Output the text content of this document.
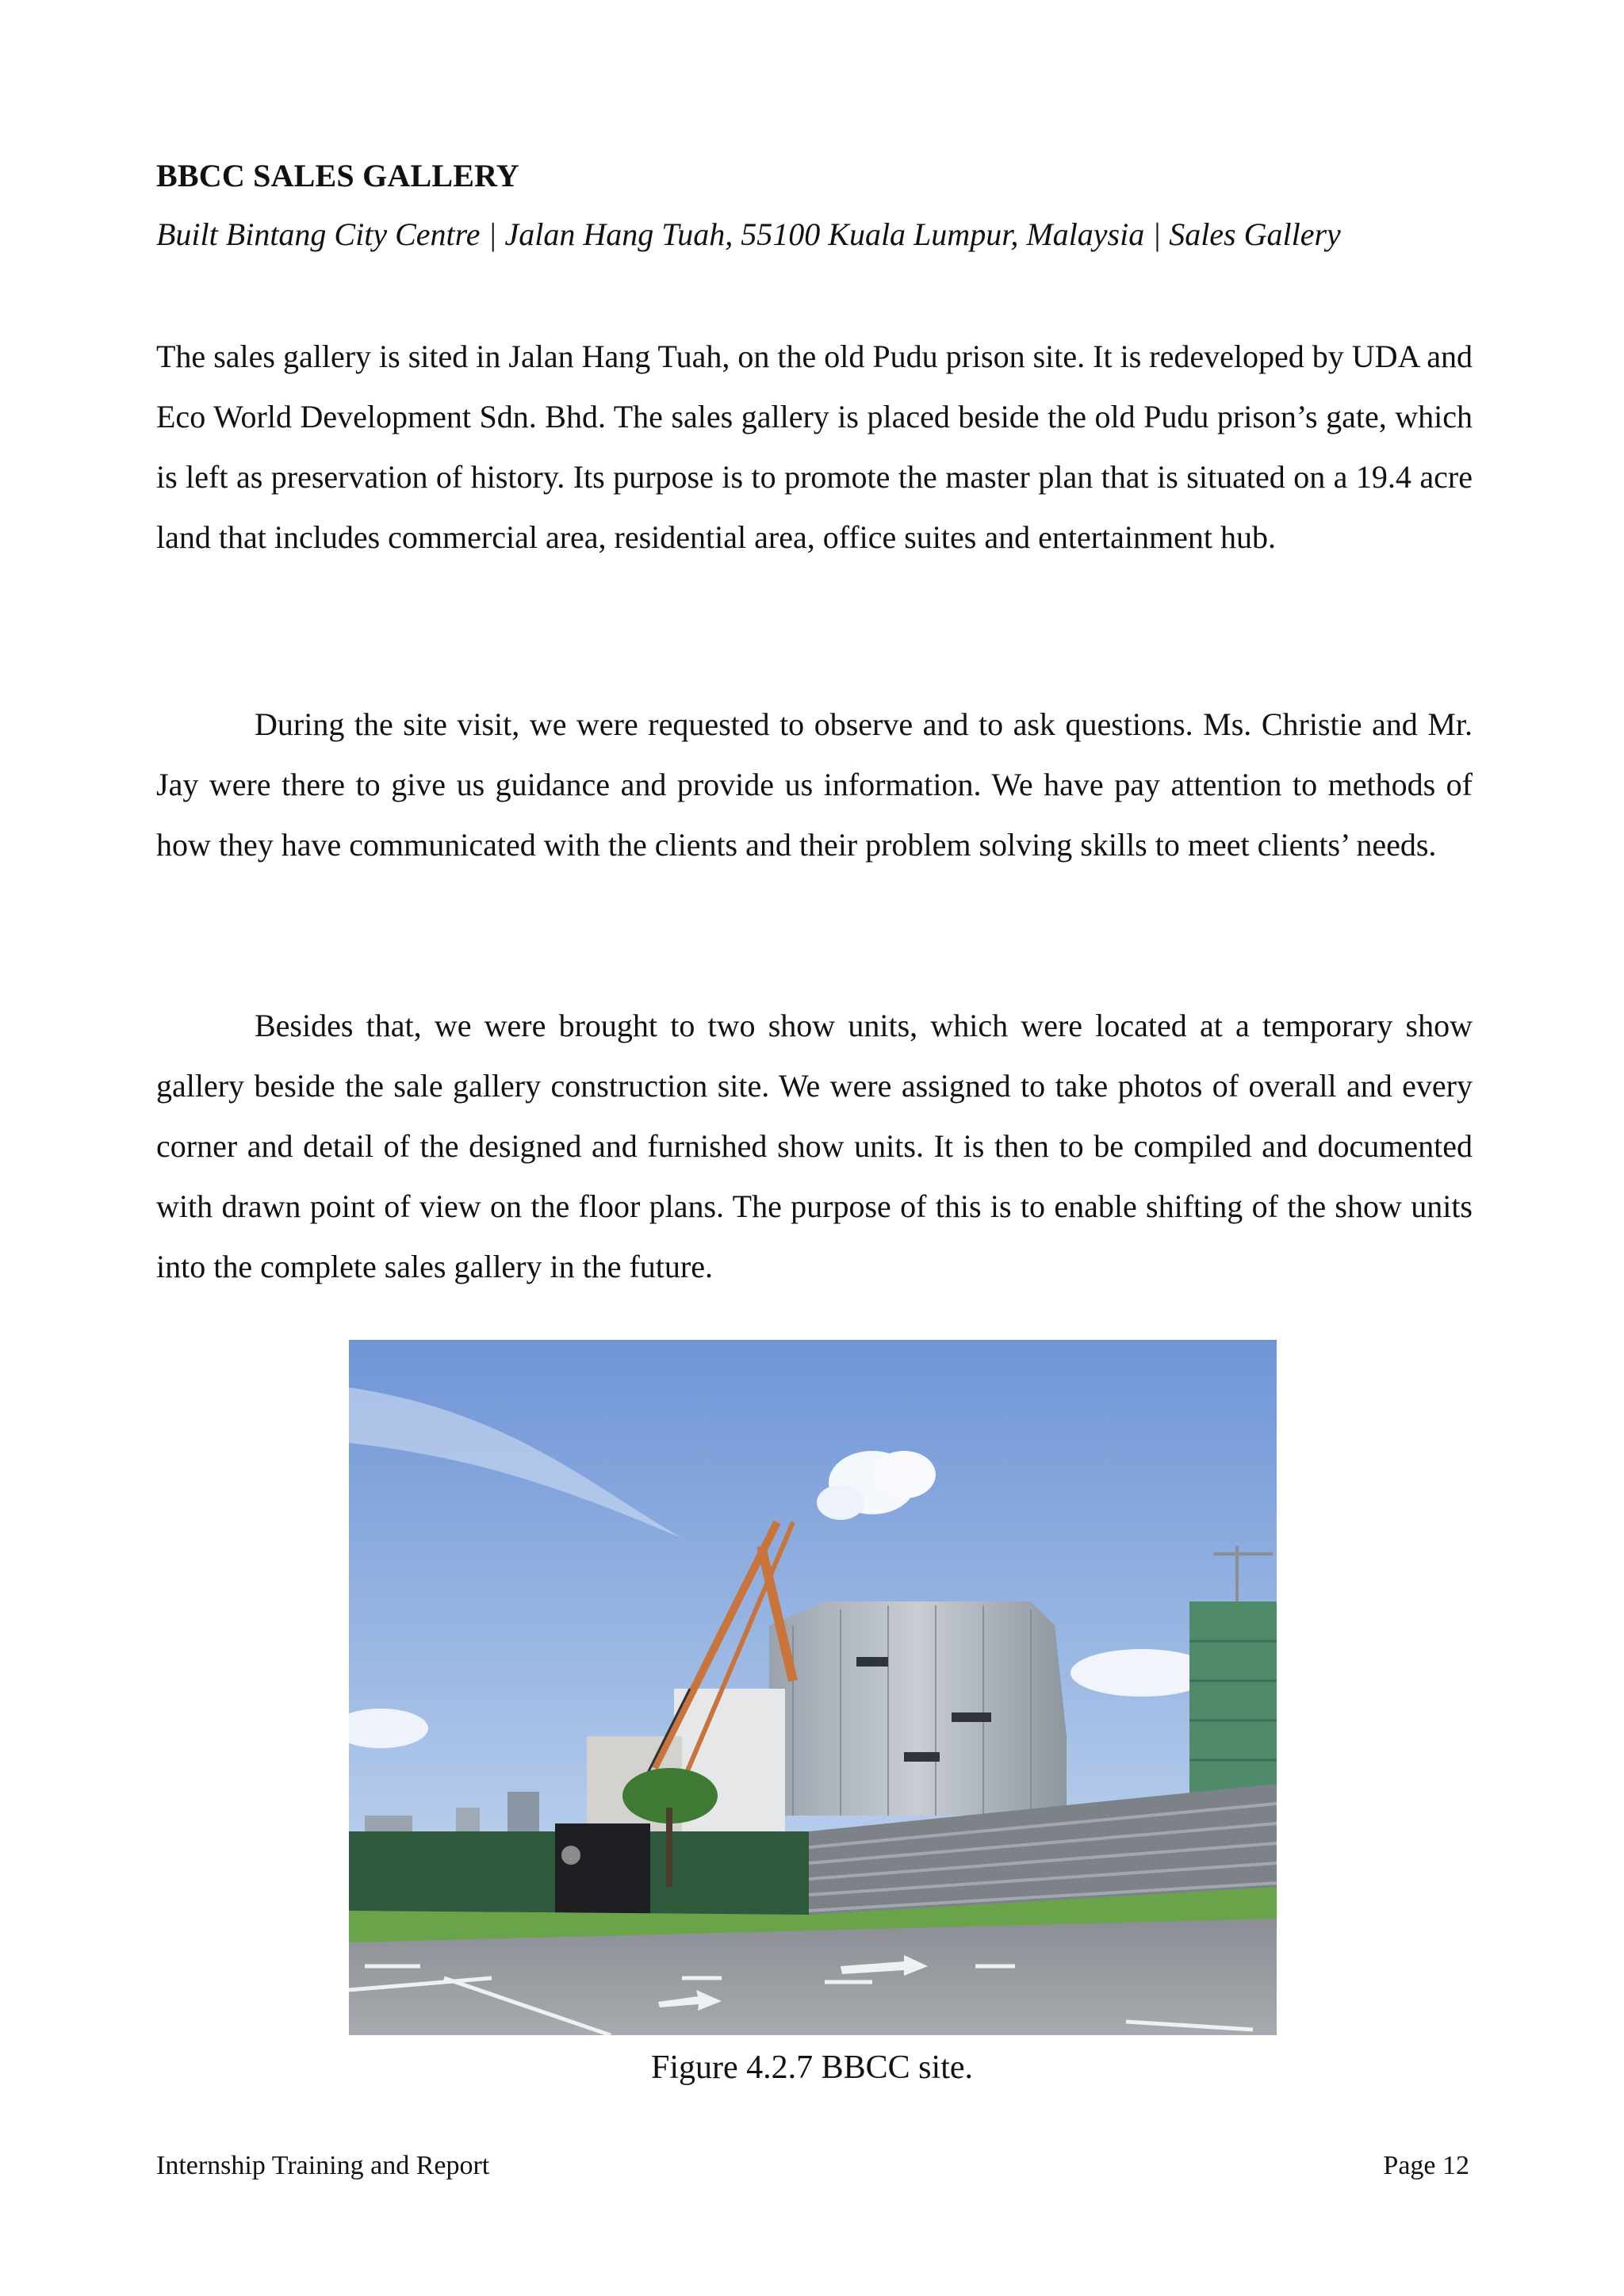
BBCC SALES GALLERY

Built Bintang City Centre | Jalan Hang Tuah, 55100 Kuala Lumpur, Malaysia | Sales Gallery

The sales gallery is sited in Jalan Hang Tuah, on the old Pudu prison site. It is redeveloped by UDA and Eco World Development Sdn. Bhd. The sales gallery is placed beside the old Pudu prison’s gate, which is left as preservation of history. Its purpose is to promote the master plan that is situated on a 19.4 acre land that includes commercial area, residential area, office suites and entertainment hub.

During the site visit, we were requested to observe and to ask questions. Ms. Christie and Mr. Jay were there to give us guidance and provide us information. We have pay attention to methods of how they have communicated with the clients and their problem solving skills to meet clients’ needs.

Besides that, we were brought to two show units, which were located at a temporary show gallery beside the sale gallery construction site. We were assigned to take photos of overall and every corner and detail of the designed and furnished show units. It is then to be compiled and documented with drawn point of view on the floor plans. The purpose of this is to enable shifting of the show units into the complete sales gallery in the future.

Figure 4.2.7 BBCC site.

Internship Training and Report	Page 12
